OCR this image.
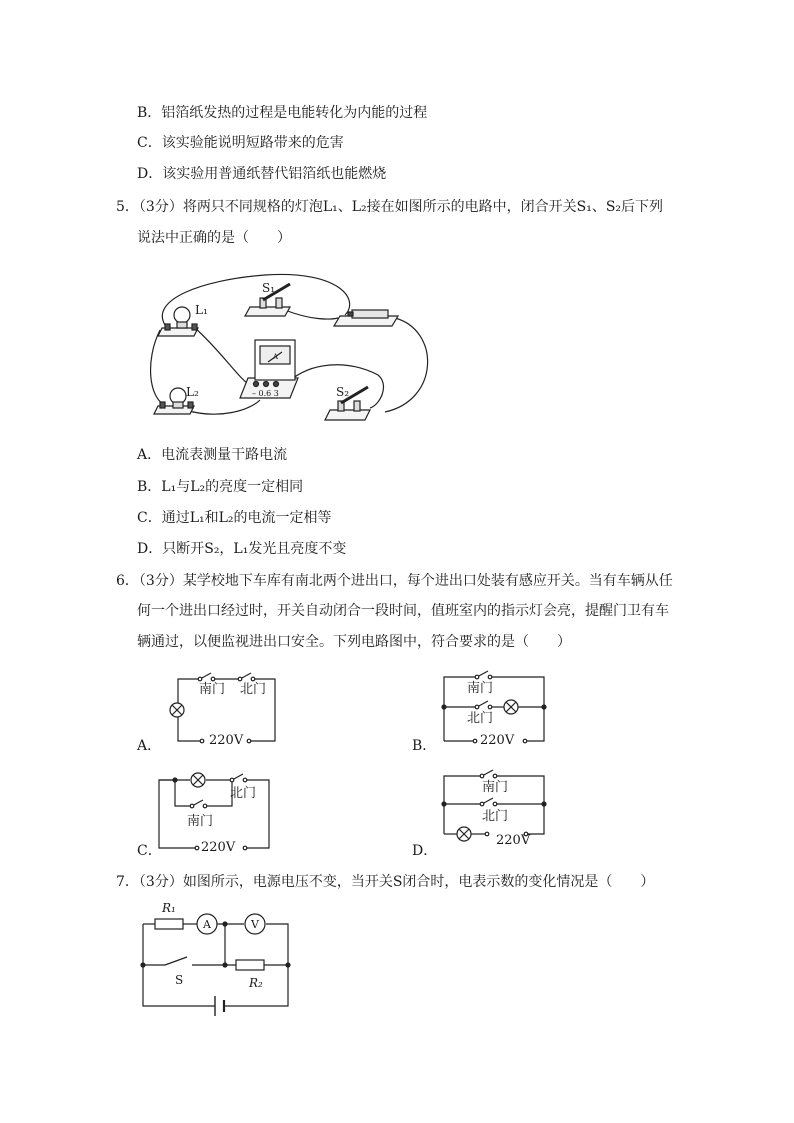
B．铝箔纸发热的过程是电能转化为内能的过程
C．该实验能说明短路带来的危害
D．该实验用普通纸替代铝箔纸也能燃烧
5．（3分）将两只不同规格的灯泡L₁、L₂接在如图所示的电路中，闭合开关S₁、S₂后下列
说法中正确的是（　　）
S₁
L₁
L₂	S₂
A
– 0.6 3
A．电流表测量干路电流
B．L₁与L₂的亮度一定相同
C．通过L₁和L₂的电流一定相等
D．只断开S₂，L₁发光且亮度不变
6．（3分）某学校地下车库有南北两个进出口，每个进出口处装有感应开关。当有车辆从任
何一个进出口经过时，开关自动闭合一段时间，值班室内的指示灯会亮，提醒门卫有车
辆通过，以便监视进出口安全。下列电路图中，符合要求的是（　　）
A．
南门 北门
220V	B．
南门
北门
220V
C．
北门
南门
220V	D．
南门
北门
220V
7．（3分）如图所示，电源电压不变，当开关S闭合时，电表示数的变化情况是（　　）
R₁
A	V
S	R₂
